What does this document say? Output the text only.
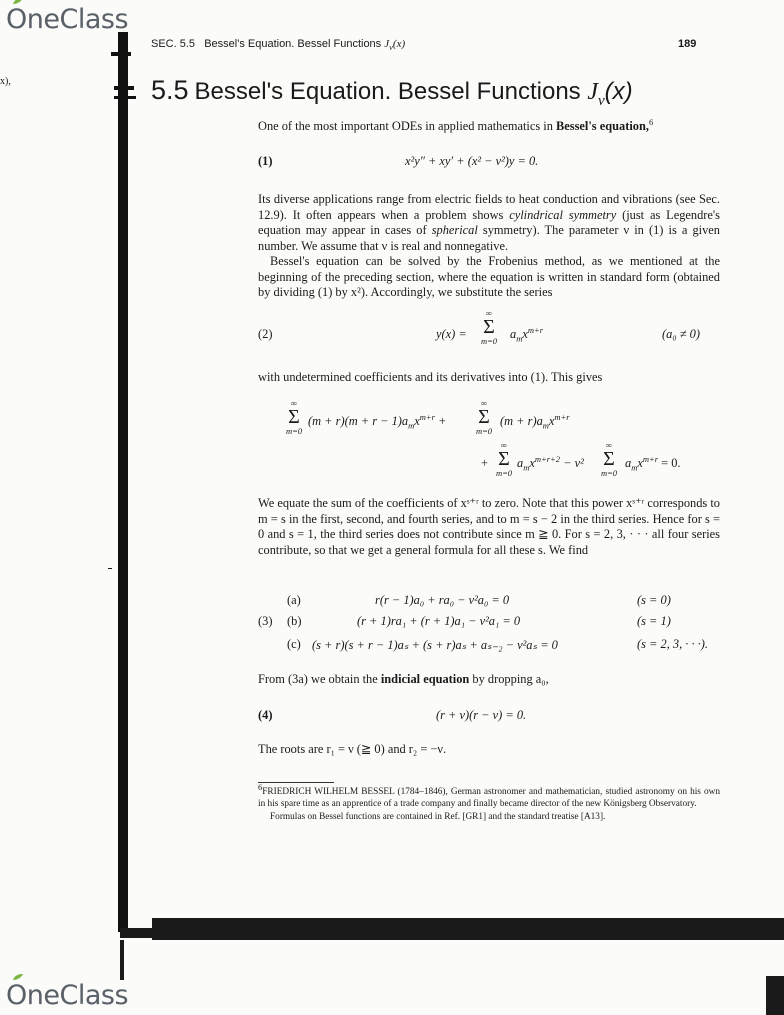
OneClass
OneClass
x),
SEC. 5.5 Bessel's Equation. Bessel Functions $J_\nu(x)$	189
5.5 Bessel's Equation. Bessel Functions $J_\nu(x)$

One of the most important ODEs in applied mathematics in Bessel's equation,$^6$

(1)	x²y″ + xy′ + (x² − ν²)y = 0.

Its diverse applications range from electric fields to heat conduction and vibrations (see Sec. 12.9). It often appears when a problem shows cylindrical symmetry (just as Legendre's equation may appear in cases of spherical symmetry). The parameter ν in (1) is a given number. We assume that ν is real and nonnegative.

Bessel's equation can be solved by the Frobenius method, as we mentioned at the beginning of the preceding section, where the equation is written in standard form (obtained by dividing (1) by x²). Accordingly, we substitute the series

(2)	y(x) =
∞
Σ
m=0	$a_mx^{m+r}$	(a₀ ≠ 0)

with undetermined coefficients and its derivatives into (1). This gives

∞
Σ
m=0
$(m + r)(m + r - 1)a_mx^{m+r}$ +
∞
Σ
m=0
$(m + r)a_mx^{m+r}$
+
∞
Σ
m=0
$a_mx^{m+r+2} - \nu^2$
∞
Σ
m=0
$a_mx^{m+r} = 0$.

We equate the sum of the coefficients of xˢ⁺ʳ to zero. Note that this power xˢ⁺ʳ corresponds to m = s in the first, second, and fourth series, and to m = s − 2 in the third series. Hence for s = 0 and s = 1, the third series does not contribute since m ≧ 0. For s = 2, 3, · · · all four series contribute, so that we get a general formula for all these s. We find

(3)
(a)	r(r − 1)a₀ + ra₀ − ν²a₀ = 0	(s = 0)
(b)	(r + 1)ra₁ + (r + 1)a₁ − ν²a₁ = 0	(s = 1)
(c) (s + r)(s + r − 1)aₛ + (s + r)aₛ + aₛ₋₂ − ν²aₛ = 0	(s = 2, 3, · · ·).

From (3a) we obtain the indicial equation by dropping a₀,

(4)	(r + ν)(r − ν) = 0.

The roots are r₁ = ν (≧ 0) and r₂ = −ν.

6FRIEDRICH WILHELM BESSEL (1784–1846), German astronomer and mathematician, studied astronomy on his own in his spare time as an apprentice of a trade company and finally became director of the new Königsberg Observatory.

Formulas on Bessel functions are contained in Ref. [GR1] and the standard treatise [A13].
